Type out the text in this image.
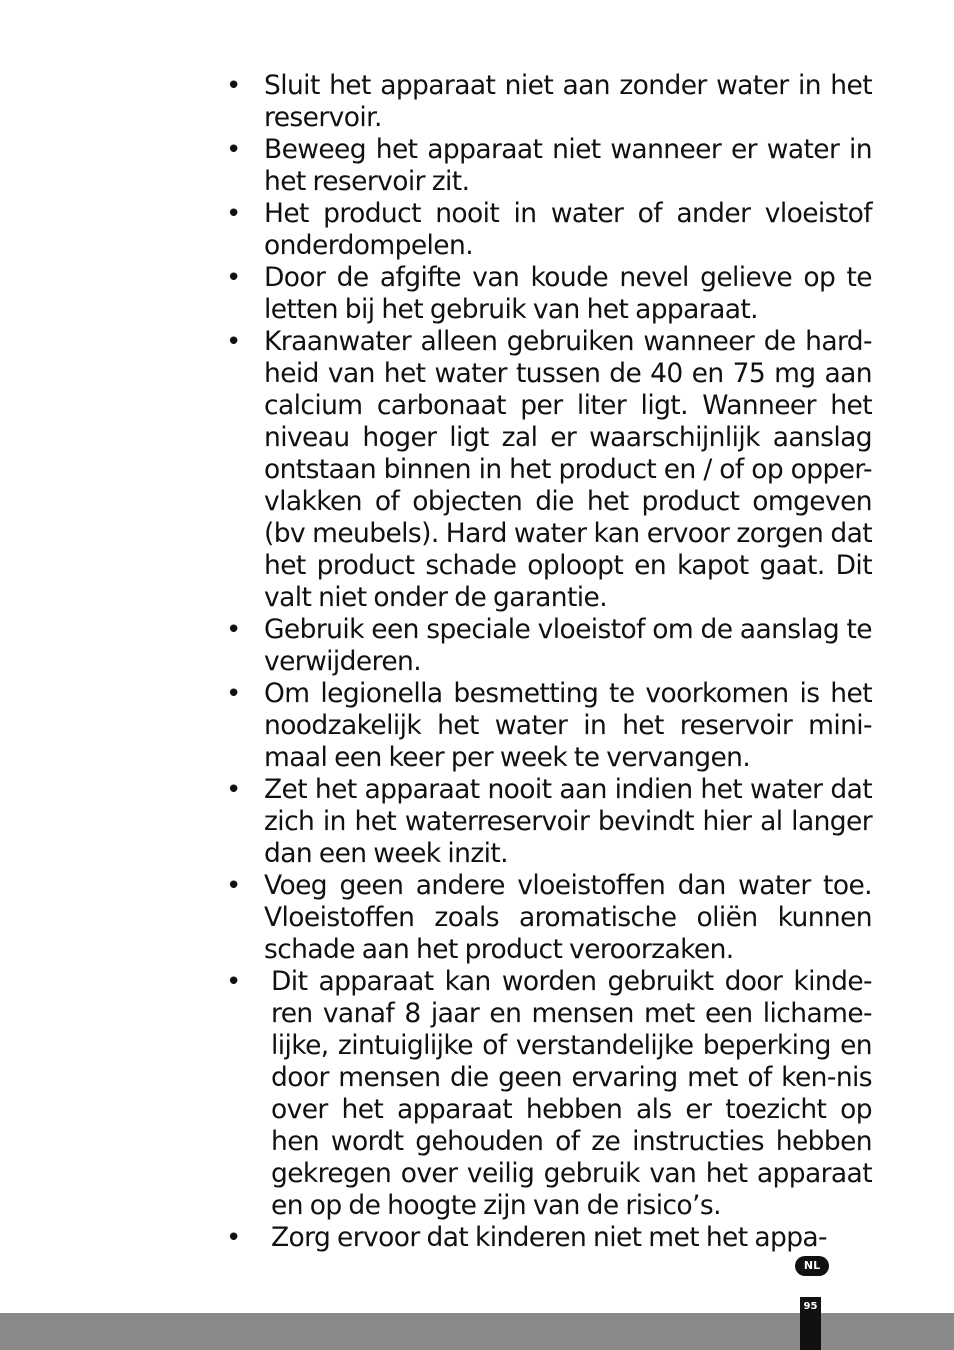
• Sluit het apparaat niet aan zonder water in het reservoir.
• Beweeg het apparaat niet wanneer er water in het reservoir zit.
• Het product nooit in water of ander vloeistof onderdompelen.
• Door de afgifte van koude nevel gelieve op te letten bij het gebruik van het apparaat.
• Kraanwater alleen gebruiken wanneer de hard-heid van het water tussen de 40 en 75 mg aan calcium carbonaat per liter ligt. Wanneer het niveau hoger ligt zal er waarschijnlijk aanslag ontstaan binnen in het product en / of op opper-vlakken of objecten die het product omgeven (bv meubels). Hard water kan ervoor zorgen dat het product schade oploopt en kapot gaat. Dit valt niet onder de garantie.
• Gebruik een speciale vloeistof om de aanslag te verwijderen.
• Om legionella besmetting te voorkomen is het noodzakelijk het water in het reservoir mini-maal een keer per week te vervangen.
• Zet het apparaat nooit aan indien het water dat zich in het waterreservoir bevindt hier al langer dan een week inzit.
• Voeg geen andere vloeistoffen dan water toe. Vloeistoffen zoals aromatische oliën kunnen schade aan het product veroorzaken.
• Dit apparaat kan worden gebruikt door kinde-ren vanaf 8 jaar en mensen met een lichame-lijke, zintuiglijke of verstandelijke beperking en door mensen die geen ervaring met of ken-nis over het apparaat hebben als er toezicht op hen wordt gehouden of ze instructies hebben gekregen over veilig gebruik van het apparaat en op de hoogte zijn van de risico’s.
• Zorg ervoor dat kinderen niet met het appa-
NL
95
